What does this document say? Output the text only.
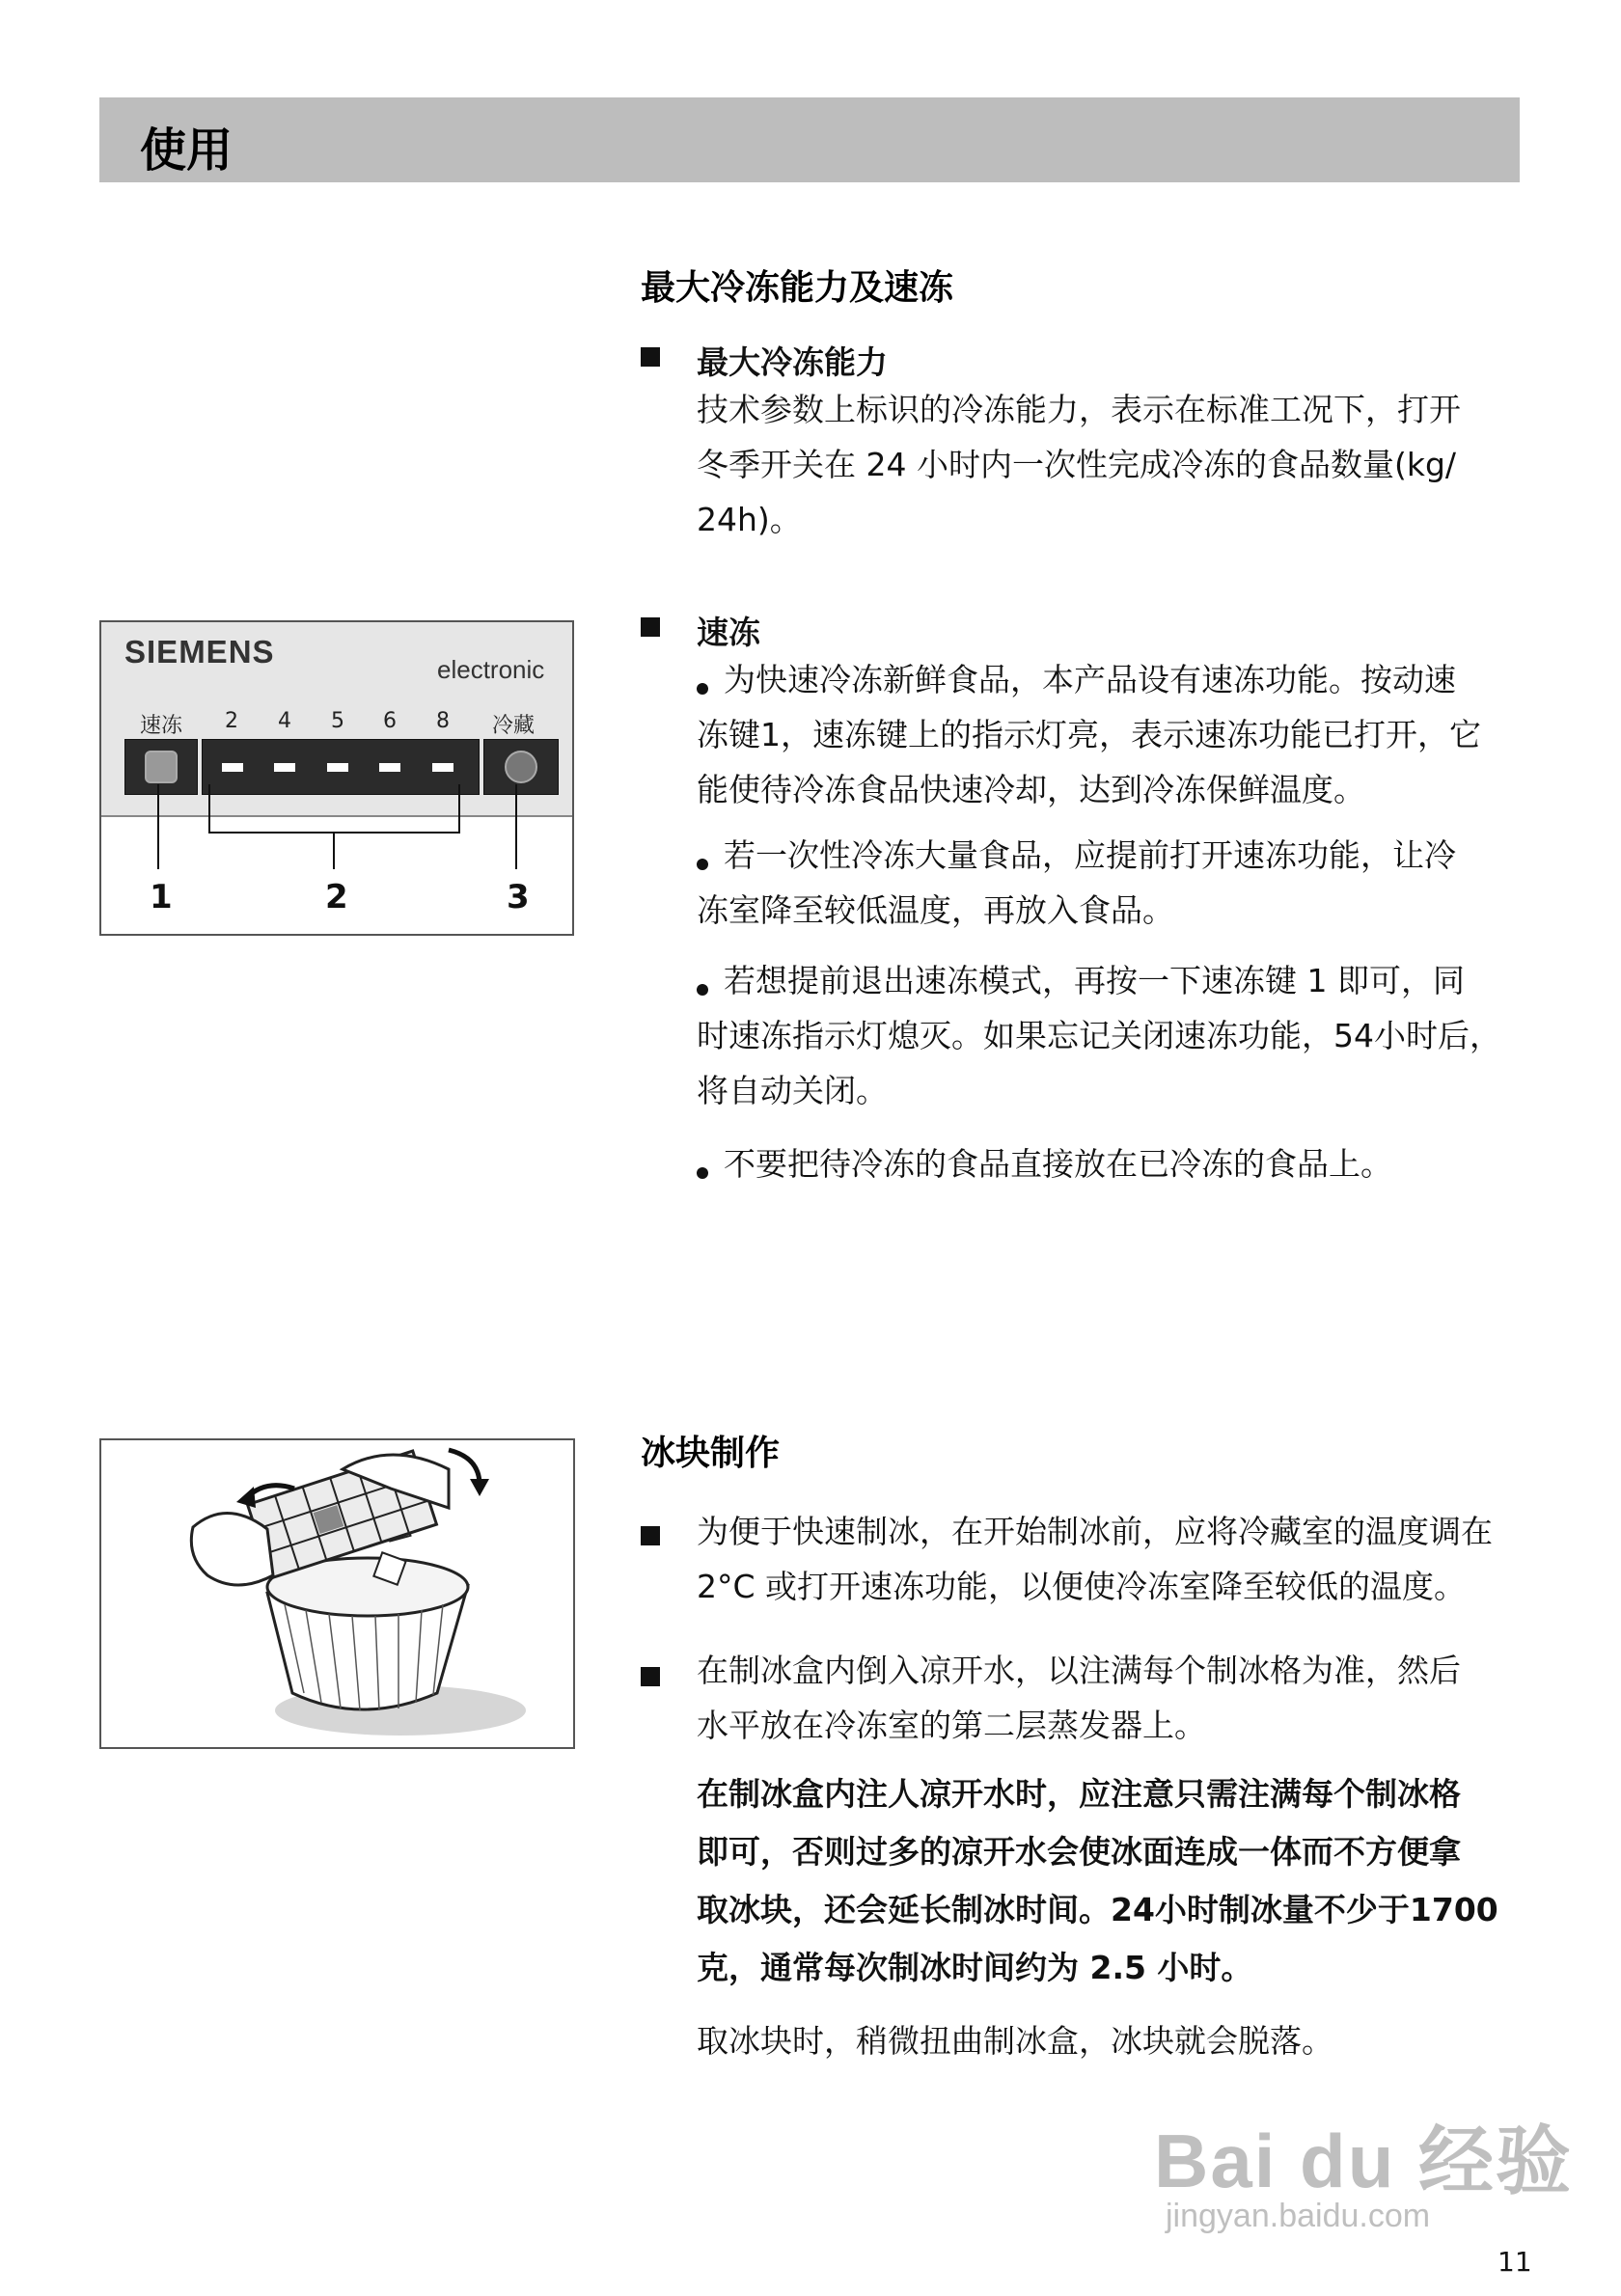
使用
最大冷冻能力及速冻
最大冷冻能力
技术参数上标识的冷冻能力，表示在标准工况下，打开
冬季开关在 24 小时内一次性完成冷冻的食品数量(kg/
24h)。
速冻
为快速冷冻新鲜食品，本产品设有速冻功能。按动速
冻键1，速冻键上的指示灯亮，表示速冻功能已打开，它
能使待冷冻食品快速冷却，达到冷冻保鲜温度。
若一次性冷冻大量食品，应提前打开速冻功能，让冷
冻室降至较低温度，再放入食品。
若想提前退出速冻模式，再按一下速冻键 1 即可，同
时速冻指示灯熄灭。如果忘记关闭速冻功能，54小时后，
将自动关闭。
不要把待冷冻的食品直接放在已冷冻的食品上。
SIEMENS	electronic
速冻 2 4 5 6 8 冷藏
1	2	3
冰块制作
为便于快速制冰，在开始制冰前，应将冷藏室的温度调在
2°C 或打开速冻功能，以便使冷冻室降至较低的温度。
在制冰盒内倒入凉开水，以注满每个制冰格为准，然后
水平放在冷冻室的第二层蒸发器上。
在制冰盒内注人凉开水时，应注意只需注满每个制冰格
即可，否则过多的凉开水会使冰面连成一体而不方便拿
取冰块，还会延长制冰时间。24小时制冰量不少于1700
克，通常每次制冰时间约为 2.5 小时。
取冰块时，稍微扭曲制冰盒，冰块就会脱落。
Bai du 经验
jingyan.baidu.com
11
